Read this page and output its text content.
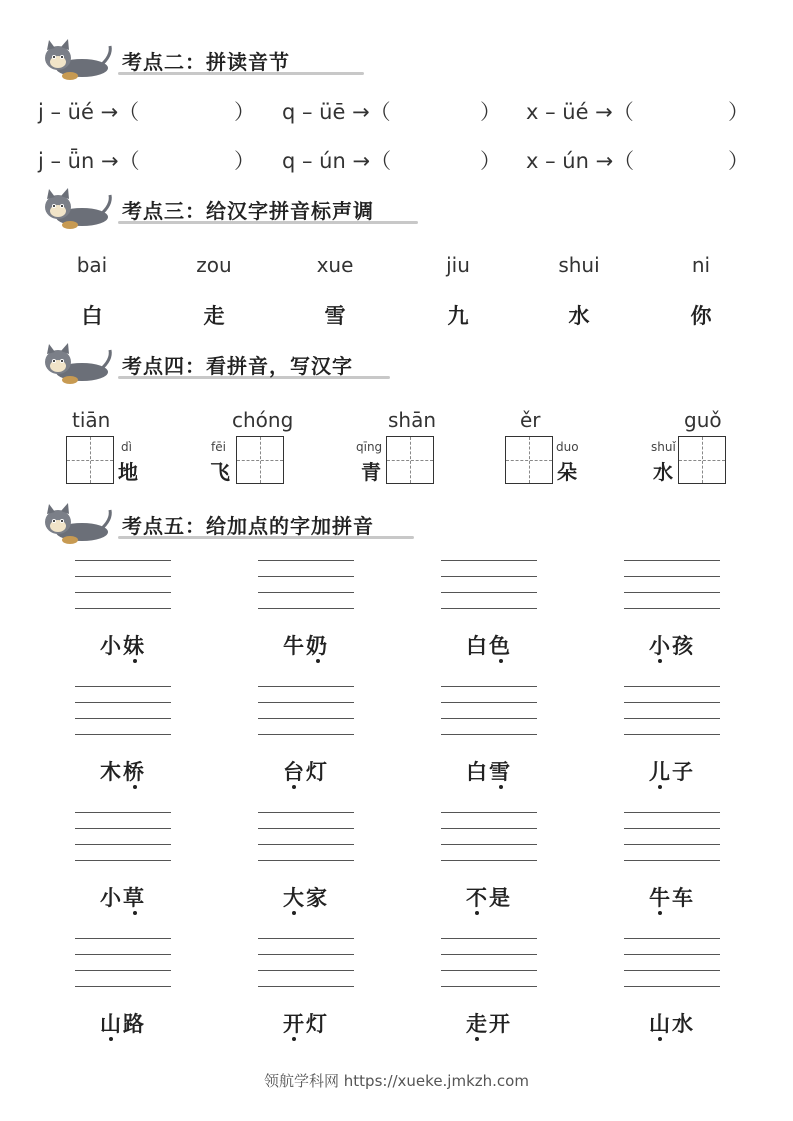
考点二：拼读音节
j – üé →（	） q – üē →（	） x – üé →（	）
j – ǖn →（	） q – ún →（	） x – ún →（	）
考点三：给汉字拼音标声调
bai	zou	xue	jiu	shui	ni
白	走	雪	九	水	你
考点四：看拼音，写汉字
tiān
dì
地
chóng
fēi
飞
shān
qīng
青
ěr
duo
朵
guǒ
shuǐ
水
考点五：给加点的字加拼音
小妹	牛奶	白色	小孩
木桥	台灯	白雪	儿子
小草	大家	不是	牛车
山路	开灯	走开	山水
领航学科网 https://xueke.jmkzh.com
